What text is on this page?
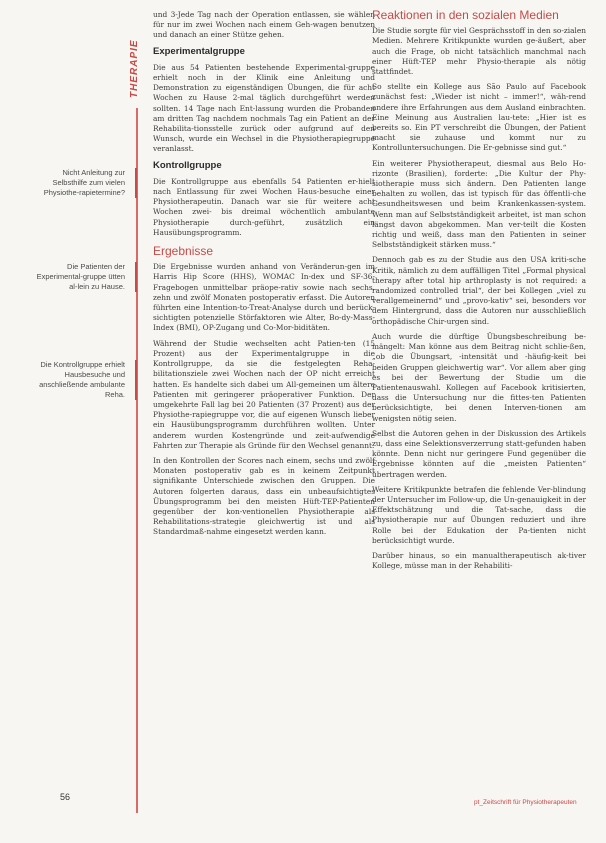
THERAPIE
Nicht Anleitung zur Selbsthilfe zum vielen Physiothe-rapietermine?
Die Patienten der Experimental-gruppe ütten al-lein zu Hause.
Die Kontrollgruppe erhielt Hausbesuche und anschließende ambulante Reha.

und 3-Jede Tag nach der Operation entlassen, sie wählen für nur im zwei Wochen nach einem Geh-wagen benutzen und danach an einer Stütze gehen.

Experimentalgruppe

Die aus 54 Patienten bestehende Experimental-gruppe erhielt noch in der Klinik eine Anleitung und Demonstration zu eigenständigen Übungen, die für acht Wochen zu Hause 2-mal täglich durchgeführt werden sollten. 14 Tage nach Ent-lassung wurden die Probanden am dritten Tag nachdem nochmals Tag ein Patient an der Rehabilita-tionsstelle zurück oder aufgrund auf den Wunsch, wurde ein Wechsel in die Physiotherapiegruppe veranlasst.

Kontrollgruppe

Die Kontrollgruppe aus ebenfalls 54 Patienten er-hielt nach Entlassung für zwei Wochen Haus-besuche einer Physiotherapeutin. Danach war sie für weitere acht Wochen zwei- bis dreimal wöchentlich ambulante Physiotherapie durch-geführt, zusätzlich ein Hausübungsprogramm.

Ergebnisse

Die Ergebnisse wurden anhand von Veränderun-gen im Harris Hip Score (HHS), WOMAC In-dex und SF-36-Fragebogen unmittelbar präope-rativ sowie nach sechs, zehn und zwölf Monaten postoperativ erfasst. Die Autoren führten eine Intention-to-Treat-Analyse durch und berück-sichtigten potenzielle Störfaktoren wie Alter, Bo-dy-Mass-Index (BMI), OP-Zugang und Co-Mor-biditäten.

Während der Studie wechselten acht Patien-ten (15 Prozent) aus der Experimentalgruppe in die Kontrollgruppe, da sie die festgelegten Reha-bilitationsziele zwei Wochen nach der OP nicht erreicht hatten. Es handelte sich dabei um All-gemeinen um ältere Patienten mit geringerer präoperativer Funktion. Der umgekehrte Fall lag bei 20 Patienten (37 Prozent) aus der Physiothe-rapiegruppe vor, die auf eigenen Wunsch lieber ein Hausübungsprogramm durchführen wollten. Unter anderem wurden Kostengründe und zeit-aufwendige Fahrten zur Therapie als Gründe für den Wechsel genannt.

In den Kontrollen der Scores nach einem, sechs und zwölf Monaten postoperativ gab es in keinem Zeitpunkt signifikante Unterschiede zwischen den Gruppen. Die Autoren folgerten daraus, dass ein unbeaufsichtigtes Übungsprogramm bei den meisten Hüft-TEP-Patienten gegenüber der kon-ventionellen Physiotherapie als Rehabilitations-strategie gleichwertig ist und als Standardmaß-nahme eingesetzt werden kann.

Reaktionen in den sozialen Medien

Die Studie sorgte für viel Gesprächsstoff in den so-zialen Medien. Mehrere Kritikpunkte wurden ge-äußert, aber auch die Frage, ob nicht tatsächlich manchmal nach einer Hüft-TEP mehr Physio-therapie als nötig stattfindet.

So stellte ein Kollege aus São Paulo auf Facebook zunächst fest: „Wieder ist nicht – immer!“, wäh-rend andere ihre Erfahrungen aus dem Ausland einbrachten. Eine Meinung aus Australien lau-tete: „Hier ist es bereits so. Ein PT verschreibt die Übungen, der Patient macht sie zuhause und kommt nur zu Kontrolluntersuchungen. Die Er-gebnisse sind gut.“

Ein weiterer Physiotherapeut, diesmal aus Belo Ho-rizonte (Brasilien), forderte: „Die Kultur der Phy-siotherapie muss sich ändern. Den Patienten lange behalten zu wollen, das ist typisch für das öffentli-che Gesundheitswesen und beim Krankenkassen-system. Wenn man auf Selbstständigkeit arbeitet, ist man schon längst davon abgekommen. Man ver-teilt die Kosten richtig und weiß, dass man den Patienten in seiner Selbstständigkeit stärken muss.“

Dennoch gab es zu der Studie aus den USA kriti-sche Kritik, nämlich zu dem auffälligen Titel „Formal physical therapy after total hip arthroplasty is not required: a randomized controlled trial“, der bei Kollegen „viel zu verallgemeinernd“ und „provo-kativ“ sei, besonders vor dem Hintergrund, dass die Autoren nur ausschließlich orthopädische Chir-urgen sind.

Auch wurde die dürftige Übungsbeschreibung be-mängelt: Man könne aus dem Beitrag nicht schlie-ßen, „ob die Übungsart, -intensität und -häufig-keit bei beiden Gruppen gleichwertig war“. Vor allem aber ging es bei der Bewertung der Studie um die Patientenauswahl. Kollegen auf Facebook kritisierten, dass die Untersuchung nur die fittes-ten Patienten berücksichtigte, bei denen Interven-tionen am wenigsten nötig seien.

Selbst die Autoren gehen in der Diskussion des Artikels zu, dass eine Selektionsverzerrung statt-gefunden haben könnte. Denn nicht nur geringere Fund gegenüber die Ergebnisse könnten auf die „meisten Patienten“ übertragen werden.

Weitere Kritikpunkte betrafen die fehlende Ver-blindung der Untersucher im Follow-up, die Un-genauigkeit in der Effektschätzung und die Tat-sache, dass die Physiotherapie nur auf Übungen reduziert und ihre Rolle bei der Edukation der Pa-tienten nicht berücksichtigt wurde.

Darüber hinaus, so ein manualtherapeutisch ak-tiver Kollege, müsse man in der Rehabiliti-

56
pt_Zeitschrift für Physiotherapeuten
